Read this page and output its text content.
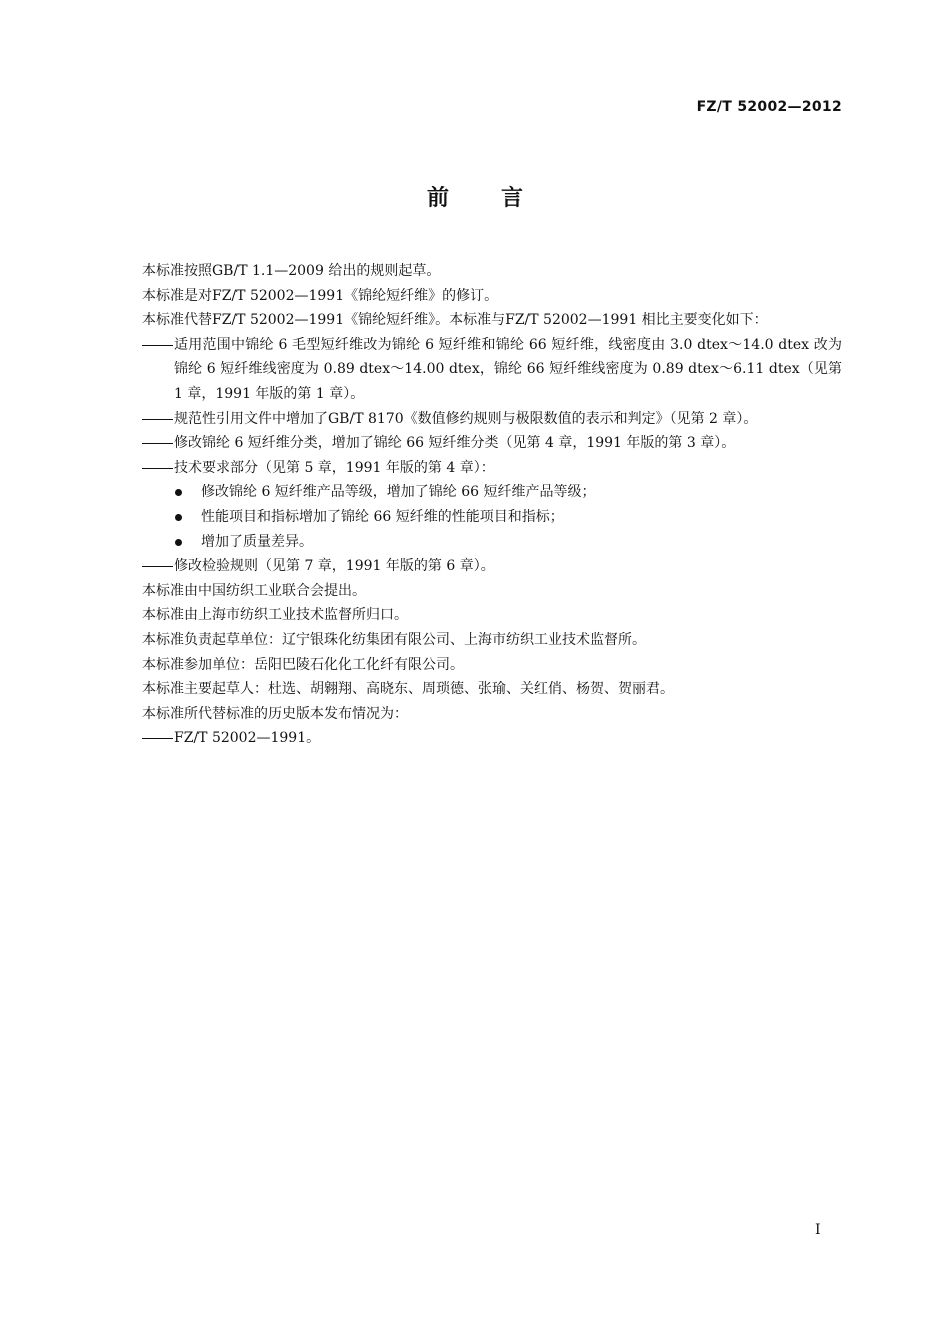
FZ/T 52002—2012
前言
本标准按照GB/T 1.1—2009 给出的规则起草。
本标准是对FZ/T 52002—1991《锦纶短纤维》的修订。
本标准代替FZ/T 52002—1991《锦纶短纤维》。本标准与FZ/T 52002—1991 相比主要变化如下：
适用范围中锦纶 6 毛型短纤维改为锦纶 6 短纤维和锦纶 66 短纤维，线密度由 3.0 dtex～14.0 dtex 改为锦纶 6 短纤维线密度为 0.89 dtex～14.00 dtex，锦纶 66 短纤维线密度为 0.89 dtex～6.11 dtex（见第 1 章，1991 年版的第 1 章）。
规范性引用文件中增加了GB/T 8170《数值修约规则与极限数值的表示和判定》（见第 2 章）。
修改锦纶 6 短纤维分类，增加了锦纶 66 短纤维分类（见第 4 章，1991 年版的第 3 章）。
技术要求部分（见第 5 章，1991 年版的第 4 章）：
修改锦纶 6 短纤维产品等级，增加了锦纶 66 短纤维产品等级；
性能项目和指标增加了锦纶 66 短纤维的性能项目和指标；
增加了质量差异。
修改检验规则（见第 7 章，1991 年版的第 6 章）。
本标准由中国纺织工业联合会提出。
本标准由上海市纺织工业技术监督所归口。
本标准负责起草单位：辽宁银珠化纺集团有限公司、上海市纺织工业技术监督所。
本标准参加单位：岳阳巴陵石化化工化纤有限公司。
本标准主要起草人：杜选、胡翱翔、高晓东、周琐德、张瑜、关红俏、杨贺、贺丽君。
本标准所代替标准的历史版本发布情况为：
FZ/T 52002—1991。
I
